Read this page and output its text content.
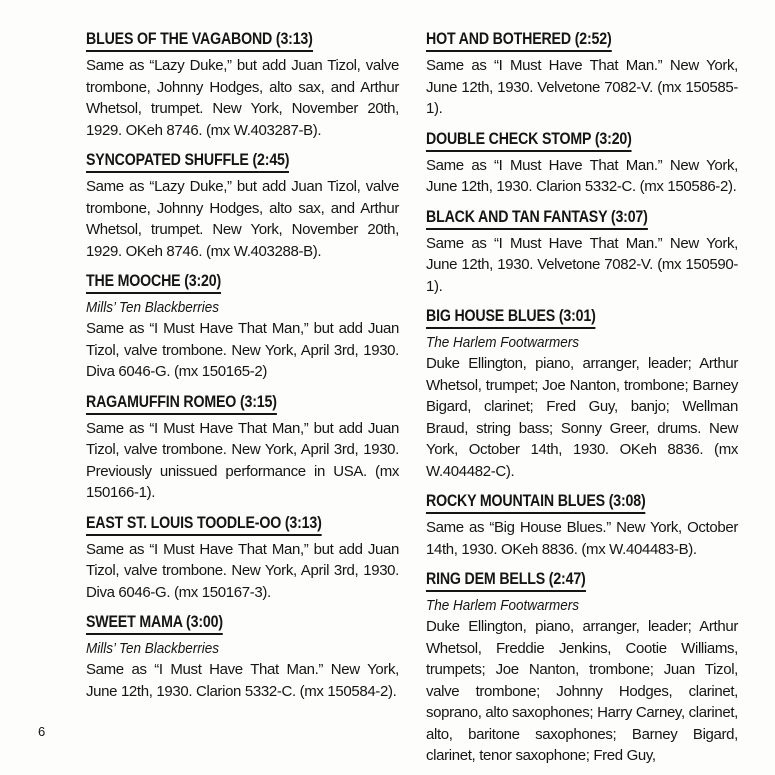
BLUES OF THE VAGABOND (3:13)
Same as “Lazy Duke,” but add Juan Tizol, valve trombone, Johnny Hodges, alto sax, and Arthur Whetsol, trumpet. New York, November 20th, 1929. OKeh 8746. (mx W.403287-B).
SYNCOPATED SHUFFLE (2:45)
Same as “Lazy Duke,” but add Juan Tizol, valve trombone, Johnny Hodges, alto sax, and Arthur Whetsol, trumpet. New York, November 20th, 1929. OKeh 8746. (mx W.403288-B).
THE MOOCHE (3:20)
Mills’ Ten Blackberries
Same as “I Must Have That Man,” but add Juan Tizol, valve trombone. New York, April 3rd, 1930. Diva 6046-G. (mx 150165-2)
RAGAMUFFIN ROMEO (3:15)
Same as “I Must Have That Man,” but add Juan Tizol, valve trombone. New York, April 3rd, 1930. Previously unissued performance in USA. (mx 150166-1).
EAST ST. LOUIS TOODLE-OO (3:13)
Same as “I Must Have That Man,” but add Juan Tizol, valve trombone. New York, April 3rd, 1930. Diva 6046-G. (mx 150167-3).
SWEET MAMA (3:00)
Mills’ Ten Blackberries
Same as “I Must Have That Man.” New York, June 12th, 1930. Clarion 5332-C. (mx 150584-2).
HOT AND BOTHERED (2:52)
Same as “I Must Have That Man.” New York, June 12th, 1930. Velvetone 7082-V. (mx 150585-1).
DOUBLE CHECK STOMP (3:20)
Same as “I Must Have That Man.” New York, June 12th, 1930. Clarion 5332-C. (mx 150586-2).
BLACK AND TAN FANTASY (3:07)
Same as “I Must Have That Man.” New York, June 12th, 1930. Velvetone 7082-V. (mx 150590-1).
BIG HOUSE BLUES (3:01)
The Harlem Footwarmers
Duke Ellington, piano, arranger, leader; Arthur Whetsol, trumpet; Joe Nanton, trombone; Barney Bigard, clarinet; Fred Guy, banjo; Wellman Braud, string bass; Sonny Greer, drums. New York, October 14th, 1930. OKeh 8836. (mx W.404482-C).
ROCKY MOUNTAIN BLUES (3:08)
Same as “Big House Blues.” New York, October 14th, 1930. OKeh 8836. (mx W.404483-B).
RING DEM BELLS (2:47)
The Harlem Footwarmers
Duke Ellington, piano, arranger, leader; Arthur Whetsol, Freddie Jenkins, Cootie Williams, trumpets; Joe Nanton, trombone; Juan Tizol, valve trombone; Johnny Hodges, clarinet, soprano, alto saxophones; Harry Carney, clarinet, alto, baritone saxophones; Barney Bigard, clarinet, tenor saxophone; Fred Guy,
6
